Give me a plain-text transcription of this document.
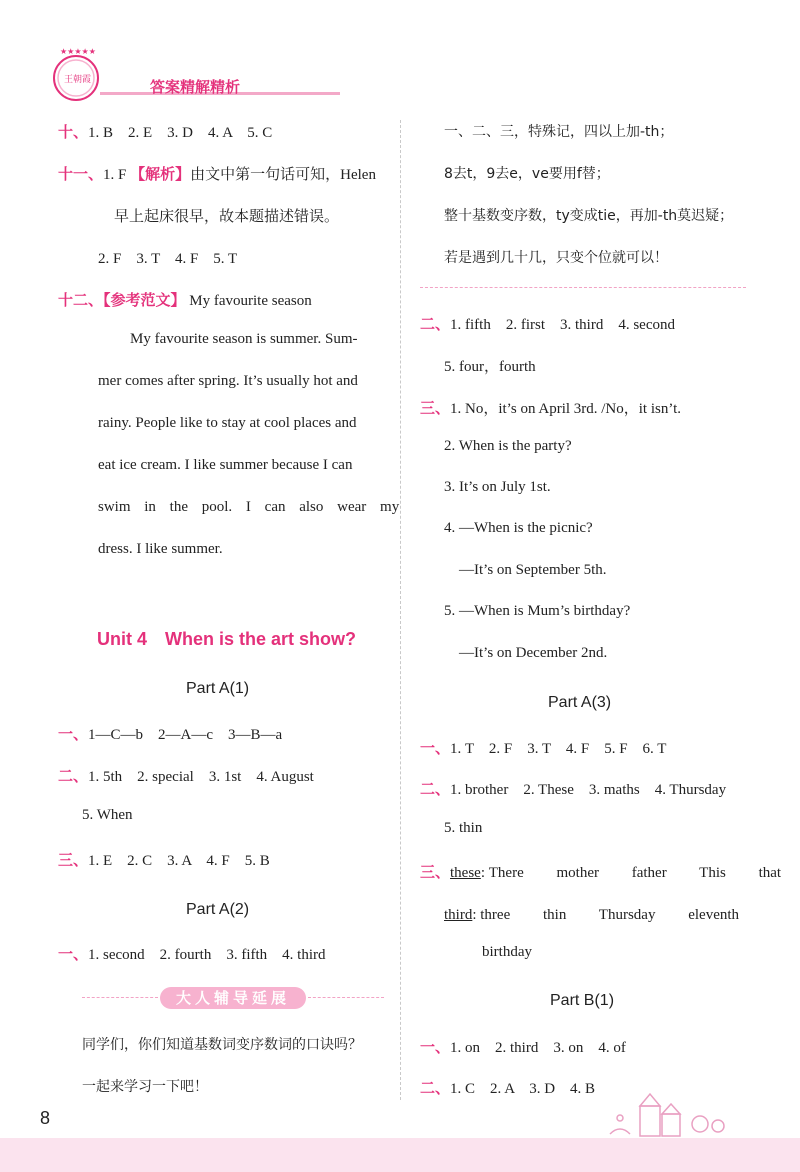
★★★★★
王朝霞	答案精解精析
十、1. B　2. E　3. D　4. A　5. C
十一、1. F 【解析】由文中第一句话可知，Helen
早上起床很早，故本题描述错误。
2. F　3. T　4. F　5. T
十二、【参考范文】 My favourite season
My favourite season is summer. Sum-
mer comes after spring. It’s usually hot and
rainy. People like to stay at cool places and
eat ice cream. I like summer because I can
swim in the pool. I can also wear my
dress. I like summer.
Unit 4　When is the art show?
Part A(1)
一、1—C—b　2—A—c　3—B—a
二、1. 5th　2. special　3. 1st　4. August
5. When
三、1. E　2. C　3. A　4. F　5. B
Part A(2)
一、1. second　2. fourth　3. fifth　4. third
大人辅导延展
同学们，你们知道基数词变序数词的口诀吗？
一起来学习一下吧！
一、二、三，特殊记，四以上加-th；
8去t，9去e，ve要用f替；
整十基数变序数，ty变成tie，再加-th莫迟疑；
若是遇到几十几，只变个位就可以！
二、1. fifth　2. first　3. third　4. second
5. four，fourth
三、1. No，it’s on April 3rd. /No，it isn’t.
2. When is the party?
3. It’s on July 1st.
4. —When is the picnic?
—It’s on September 5th.
5. —When is Mum’s birthday?
—It’s on December 2nd.
Part A(3)
一、1. T　2. F　3. T　4. F　5. F　6. T
二、1. brother　2. These　3. maths　4. Thursday
5. thin
三、these: There　 mother　 father　 This　 that
third: three　 thin　 Thursday　 eleventh
birthday
Part B(1)
一、1. on　2. third　3. on　4. of
二、1. C　2. A　3. D　4. B
8
